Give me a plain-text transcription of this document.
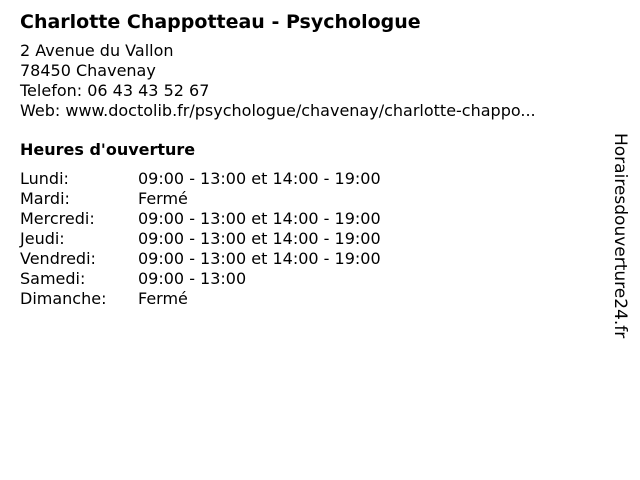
Charlotte Chappotteau - Psychologue
2 Avenue du Vallon
78450 Chavenay
Telefon: 06 43 43 52 67
Web: www.doctolib.fr/psychologue/chavenay/charlotte-chappo...
Heures d'ouverture
Lundi:	09:00 - 13:00 et 14:00 - 19:00
Mardi:	Fermé
Mercredi:	09:00 - 13:00 et 14:00 - 19:00
Jeudi:	09:00 - 13:00 et 14:00 - 19:00
Vendredi:	09:00 - 13:00 et 14:00 - 19:00
Samedi:	09:00 - 13:00
Dimanche:	Fermé	Horairesdouverture24.fr
